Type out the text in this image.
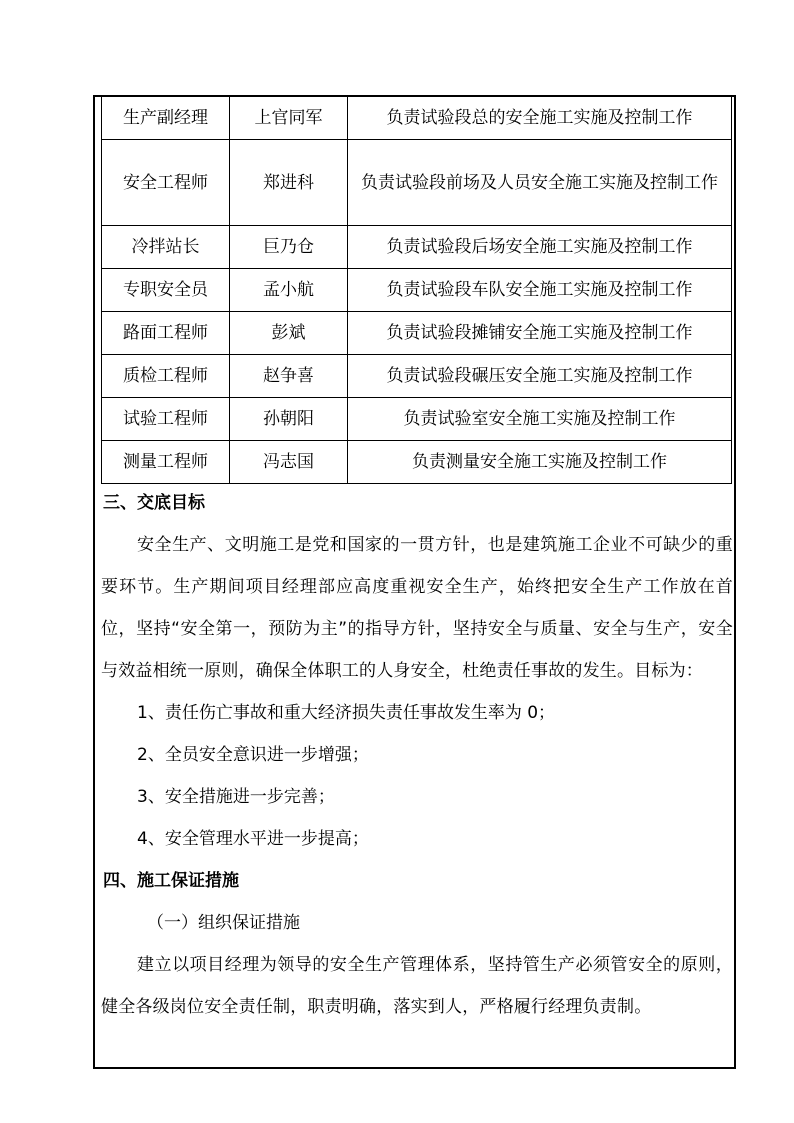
生产副经理	上官同军	负责试验段总的安全施工实施及控制工作
安全工程师	郑进科	负责试验段前场及人员安全施工实施及控制工作
冷拌站长	巨乃仓	负责试验段后场安全施工实施及控制工作
专职安全员	孟小航	负责试验段车队安全施工实施及控制工作
路面工程师	彭斌	负责试验段摊铺安全施工实施及控制工作
质检工程师	赵争喜	负责试验段碾压安全施工实施及控制工作
试验工程师	孙朝阳	负责试验室安全施工实施及控制工作
测量工程师	冯志国	负责测量安全施工实施及控制工作

三、交底目标

安全生产、文明施工是党和国家的一贯方针，也是建筑施工企业不可缺少的重要环节。生产期间项目经理部应高度重视安全生产，始终把安全生产工作放在首位，坚持“安全第一，预防为主”的指导方针，坚持安全与质量、安全与生产，安全与效益相统一原则，确保全体职工的人身安全，杜绝责任事故的发生。目标为：

1、责任伤亡事故和重大经济损失责任事故发生率为 0；

2、全员安全意识进一步增强；

3、安全措施进一步完善；

4、安全管理水平进一步提高；

四、施工保证措施

（一）组织保证措施

建立以项目经理为领导的安全生产管理体系，坚持管生产必须管安全的原则，健全各级岗位安全责任制，职责明确，落实到人，严格履行经理负责制。
